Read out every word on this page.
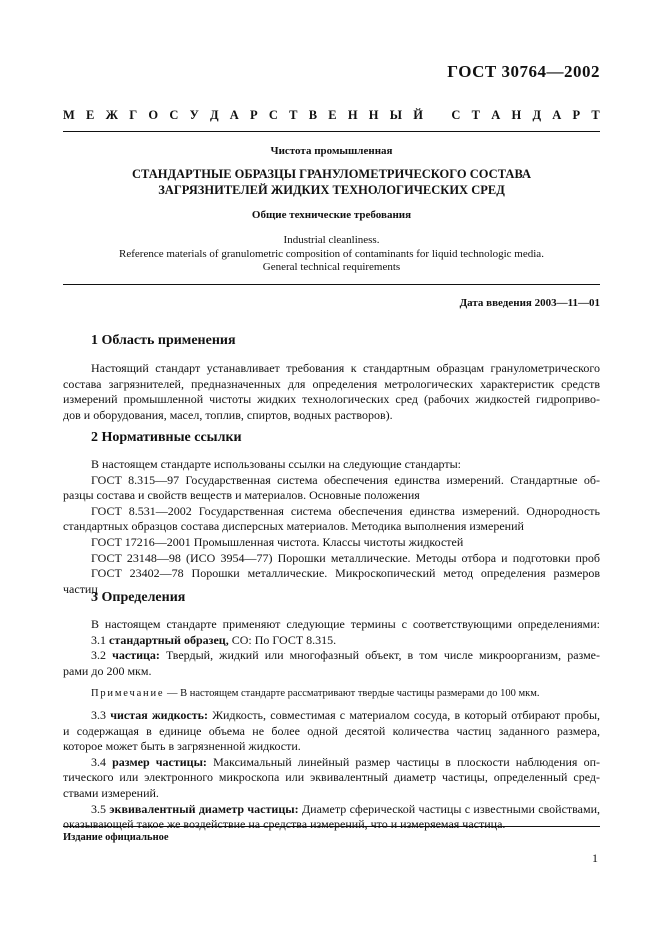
ГОСТ 30764—2002
М Е Ж Г О С У Д А Р С Т В Е Н Н Ы Й С Т А Н Д А Р Т
Чистота промышленная
СТАНДАРТНЫЕ ОБРАЗЦЫ ГРАНУЛОМЕТРИЧЕСКОГО СОСТАВА
ЗАГРЯЗНИТЕЛЕЙ ЖИДКИХ ТЕХНОЛОГИЧЕСКИХ СРЕД
Общие технические требования
Industrial cleanliness.
Reference materials of granulometric composition of contaminants for liquid technologic media.
General technical requirements
Дата введения 2003—11—01
1 Область применения
Настоящий стандарт устанавливает требования к стандартным образцам гранулометрического
состава загрязнителей, предназначенных для определения метрологических характеристик средств
измерений промышленной чистоты жидких технологических сред (рабочих жидкостей гидроприво-
дов и оборудования, масел, топлив, спиртов, водных растворов).
2 Нормативные ссылки
В настоящем стандарте использованы ссылки на следующие стандарты:
ГОСТ 8.315—97 Государственная система обеспечения единства измерений. Стандартные об-
разцы состава и свойств веществ и материалов. Основные положения
ГОСТ 8.531—2002 Государственная система обеспечения единства измерений. Однородность
стандартных образцов состава дисперсных материалов. Методика выполнения измерений
ГОСТ 17216—2001 Промышленная чистота. Классы чистоты жидкостей
ГОСТ 23148—98 (ИСО 3954—77) Порошки металлические. Методы отбора и подготовки проб
ГОСТ 23402—78 Порошки металлические. Микроскопический метод определения размеров
частиц
3 Определения
В настоящем стандарте применяют следующие термины с соответствующими определениями:
3.1 стандартный образец, СО: По ГОСТ 8.315.
3.2 частица: Твердый, жидкий или многофазный объект, в том числе микроорганизм, разме-
рами до 200 мкм.
Примечание — В настоящем стандарте рассматривают твердые частицы размерами до 100 мкм.
3.3 чистая жидкость: Жидкость, совместимая с материалом сосуда, в который отбирают пробы,
и содержащая в единице объема не более одной десятой количества частиц заданного размера,
которое может быть в загрязненной жидкости.
3.4 размер частицы: Максимальный линейный размер частицы в плоскости наблюдения оп-
тического или электронного микроскопа или эквивалентный диаметр частицы, определенный сред-
ствами измерений.
3.5 эквивалентный диаметр частицы: Диаметр сферической частицы с известными свойствами,
оказывающей такое же воздействие на средства измерений, что и измеряемая частица.
Издание официальное
1
